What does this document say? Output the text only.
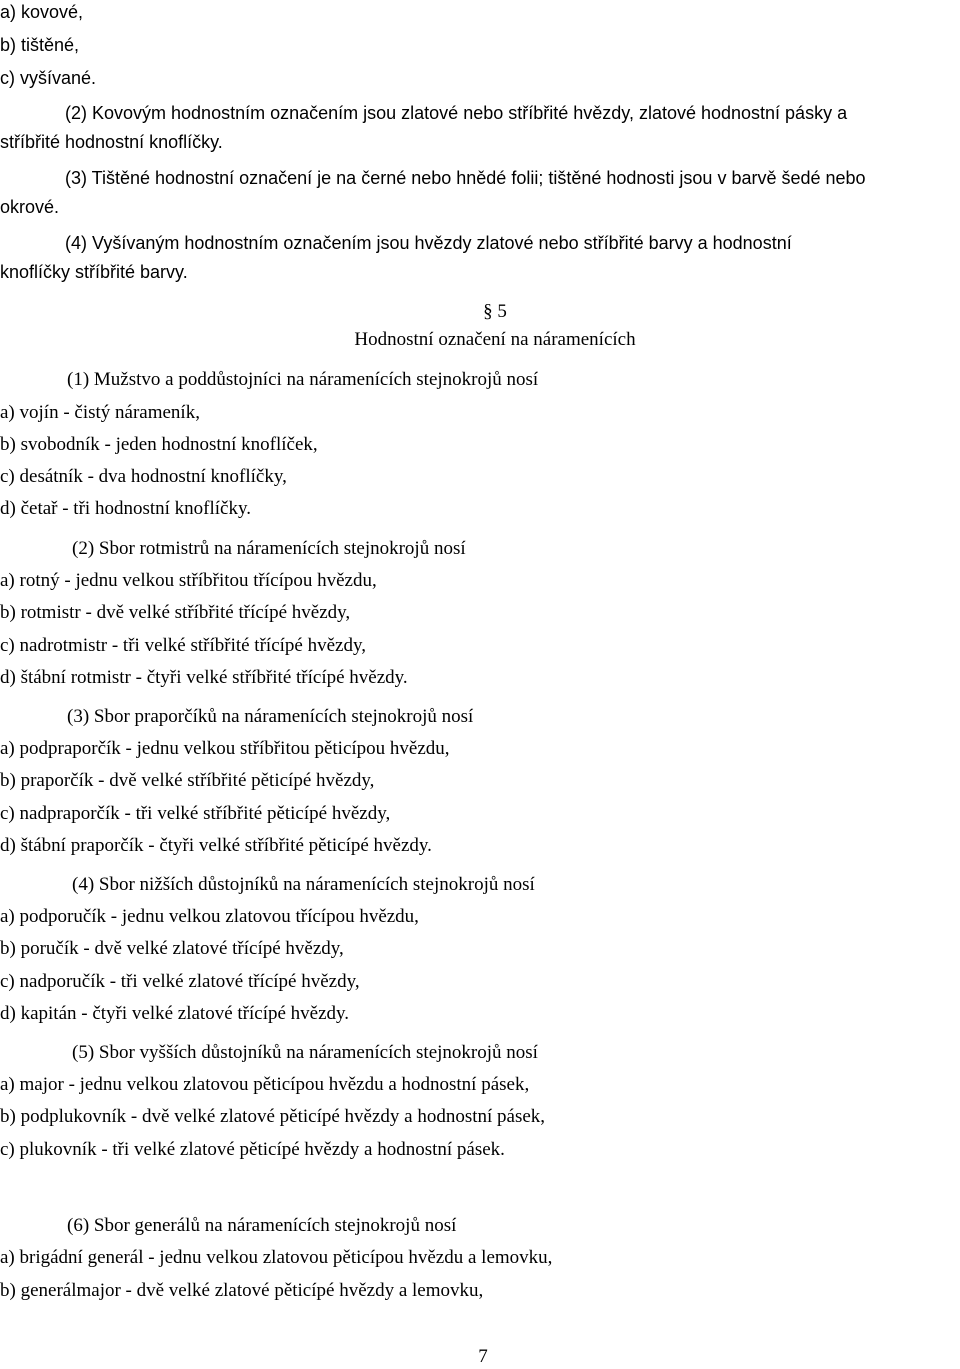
a) kovové,
b) tištěné,
c) vyšívané.
(2) Kovovým hodnostním označením jsou zlatové nebo stříbřité hvězdy, zlatové hodnostní pásky a
stříbřité hodnostní knoflíčky.
(3) Tištěné hodnostní označení je na černé nebo hnědé folii; tištěné hodnosti jsou v barvě šedé nebo
okrové.
(4) Vyšívaným hodnostním označením jsou hvězdy zlatové nebo stříbřité barvy a hodnostní
knoflíčky stříbřité barvy.
§ 5
Hodnostní označení na náramenících
(1) Mužstvo a poddůstojníci na náramenících stejnokrojů nosí
a) vojín - čistý nárameník,
b) svobodník - jeden hodnostní knoflíček,
c) desátník - dva hodnostní knoflíčky,
d) četař - tři hodnostní knoflíčky.
(2) Sbor rotmistrů na náramenících stejnokrojů nosí
a) rotný - jednu velkou stříbřitou třícípou hvězdu,
b) rotmistr - dvě velké stříbřité třícípé hvězdy,
c) nadrotmistr - tři velké stříbřité třícípé hvězdy,
d) štábní rotmistr - čtyři velké stříbřité třícípé hvězdy.
(3) Sbor praporčíků na náramenících stejnokrojů nosí
a) podpraporčík - jednu velkou stříbřitou pěticípou hvězdu,
b) praporčík - dvě velké stříbřité pěticípé hvězdy,
c) nadpraporčík - tři velké stříbřité pěticípé hvězdy,
d) štábní praporčík - čtyři velké stříbřité pěticípé hvězdy.
(4) Sbor nižších důstojníků na náramenících stejnokrojů nosí
a) podporučík - jednu velkou zlatovou třícípou hvězdu,
b) poručík - dvě velké zlatové třícípé hvězdy,
c) nadporučík - tři velké zlatové třícípé hvězdy,
d) kapitán - čtyři velké zlatové třícípé hvězdy.
(5) Sbor vyšších důstojníků na náramenících stejnokrojů nosí
a) major - jednu velkou zlatovou pěticípou hvězdu a hodnostní pásek,
b) podplukovník - dvě velké zlatové pěticípé hvězdy a hodnostní pásek,
c) plukovník - tři velké zlatové pěticípé hvězdy a hodnostní pásek.
(6) Sbor generálů na náramenících stejnokrojů nosí
a) brigádní generál - jednu velkou zlatovou pěticípou hvězdu a lemovku,
b) generálmajor - dvě velké zlatové pěticípé hvězdy a lemovku,
7
